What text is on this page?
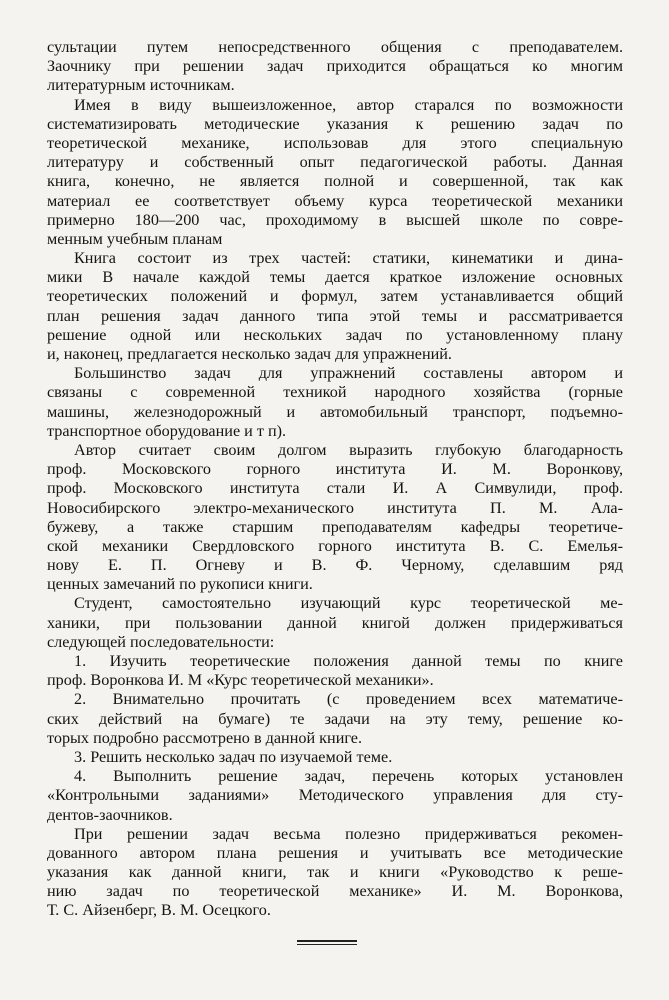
сультации путем непосредственного общения с преподавателем.
Заочнику при решении задач приходится обращаться ко многим
литературным источникам.
Имея в виду вышеизложенное, автор старался по возможности
систематизировать методические указания к решению задач по
теоретической механике, использовав для этого специальную
литературу и собственный опыт педагогической работы. Данная
книга, конечно, не является полной и совершенной, так как
материал ее соответствует объему курса теоретической механики
примерно 180—200 час, проходимому в высшей школе по совре-
менным учебным планам
Книга состоит из трех частей: статики, кинематики и дина-
мики В начале каждой темы дается краткое изложение основных
теоретических положений и формул, затем устанавливается общий
план решения задач данного типа этой темы и рассматривается
решение одной или нескольких задач по установленному плану
и, наконец, предлагается несколько задач для упражнений.
Большинство задач для упражнений составлены автором и
связаны с современной техникой народного хозяйства (горные
машины, железнодорожный и автомобильный транспорт, подъемно-
транспортное оборудование и т п).
Автор считает своим долгом выразить глубокую благодарность
проф. Московского горного института И. М. Воронкову,
проф. Московского института стали И. А Симвулиди, проф.
Новосибирского электро-механического института П. М. Ала-
бужеву, а также старшим преподавателям кафедры теоретиче-
ской механики Свердловского горного института В. С. Емелья-
нову Е. П. Огневу и В. Ф. Черному, сделавшим ряд
ценных замечаний по рукописи книги.
Студент, самостоятельно изучающий курс теоретической ме-
ханики, при пользовании данной книгой должен придерживаться
следующей последовательности:
1. Изучить теоретические положения данной темы по книге
проф. Воронкова И. М «Курс теоретической механики».
2. Внимательно прочитать (с проведением всех математиче-
ских действий на бумаге) те задачи на эту тему, решение ко-
торых подробно рассмотрено в данной книге.
3. Решить несколько задач по изучаемой теме.
4. Выполнить решение задач, перечень которых установлен
«Контрольными заданиями» Методического управления для сту-
дентов-заочников.
При решении задач весьма полезно придерживаться рекомен-
дованного автором плана решения и учитывать все методические
указания как данной книги, так и книги «Руководство к реше-
нию задач по теоретической механике» И. М. Воронкова,
Т. С. Айзенберг, В. М. Осецкого.
